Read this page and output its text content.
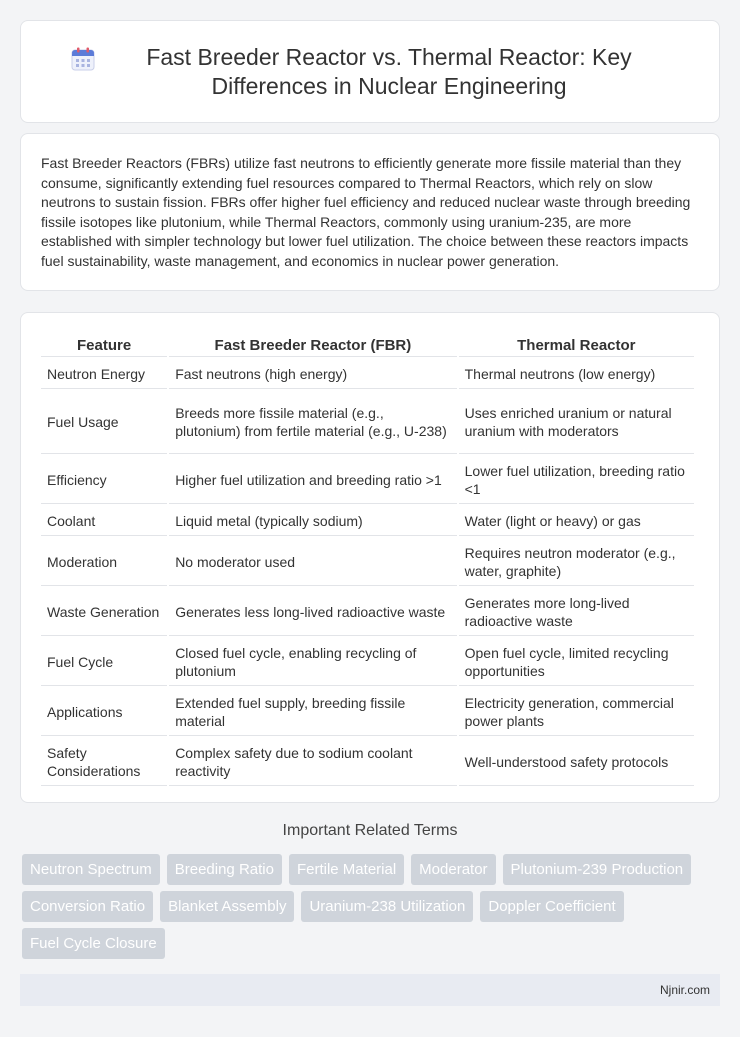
Fast Breeder Reactor vs. Thermal Reactor: Key Differences in Nuclear Engineering

Fast Breeder Reactors (FBRs) utilize fast neutrons to efficiently generate more fissile material than they consume, significantly extending fuel resources compared to Thermal Reactors, which rely on slow neutrons to sustain fission. FBRs offer higher fuel efficiency and reduced nuclear waste through breeding fissile isotopes like plutonium, while Thermal Reactors, commonly using uranium-235, are more established with simpler technology but lower fuel utilization. The choice between these reactors impacts fuel sustainability, waste management, and economics in nuclear power generation.

Feature	Fast Breeder Reactor (FBR)	Thermal Reactor
Neutron Energy	Fast neutrons (high energy)	Thermal neutrons (low energy)
Fuel Usage	Breeds more fissile material (e.g., plutonium) from fertile material (e.g., U-238)	Uses enriched uranium or natural uranium with moderators
Efficiency	Higher fuel utilization and breeding ratio >1	Lower fuel utilization, breeding ratio <1
Coolant	Liquid metal (typically sodium)	Water (light or heavy) or gas
Moderation	No moderator used	Requires neutron moderator (e.g., water, graphite)
Waste Generation	Generates less long-lived radioactive waste	Generates more long-lived radioactive waste
Fuel Cycle	Closed fuel cycle, enabling recycling of plutonium	Open fuel cycle, limited recycling opportunities
Applications	Extended fuel supply, breeding fissile material	Electricity generation, commercial power plants
Safety Considerations	Complex safety due to sodium coolant reactivity	Well-understood safety protocols
Important Related Terms
Neutron Spectrum	Breeding Ratio	Fertile Material	Moderator	Plutonium-239 Production
Conversion Ratio	Blanket Assembly	Uranium-238 Utilization	Doppler Coefficient
Fuel Cycle Closure
Njnir.com
